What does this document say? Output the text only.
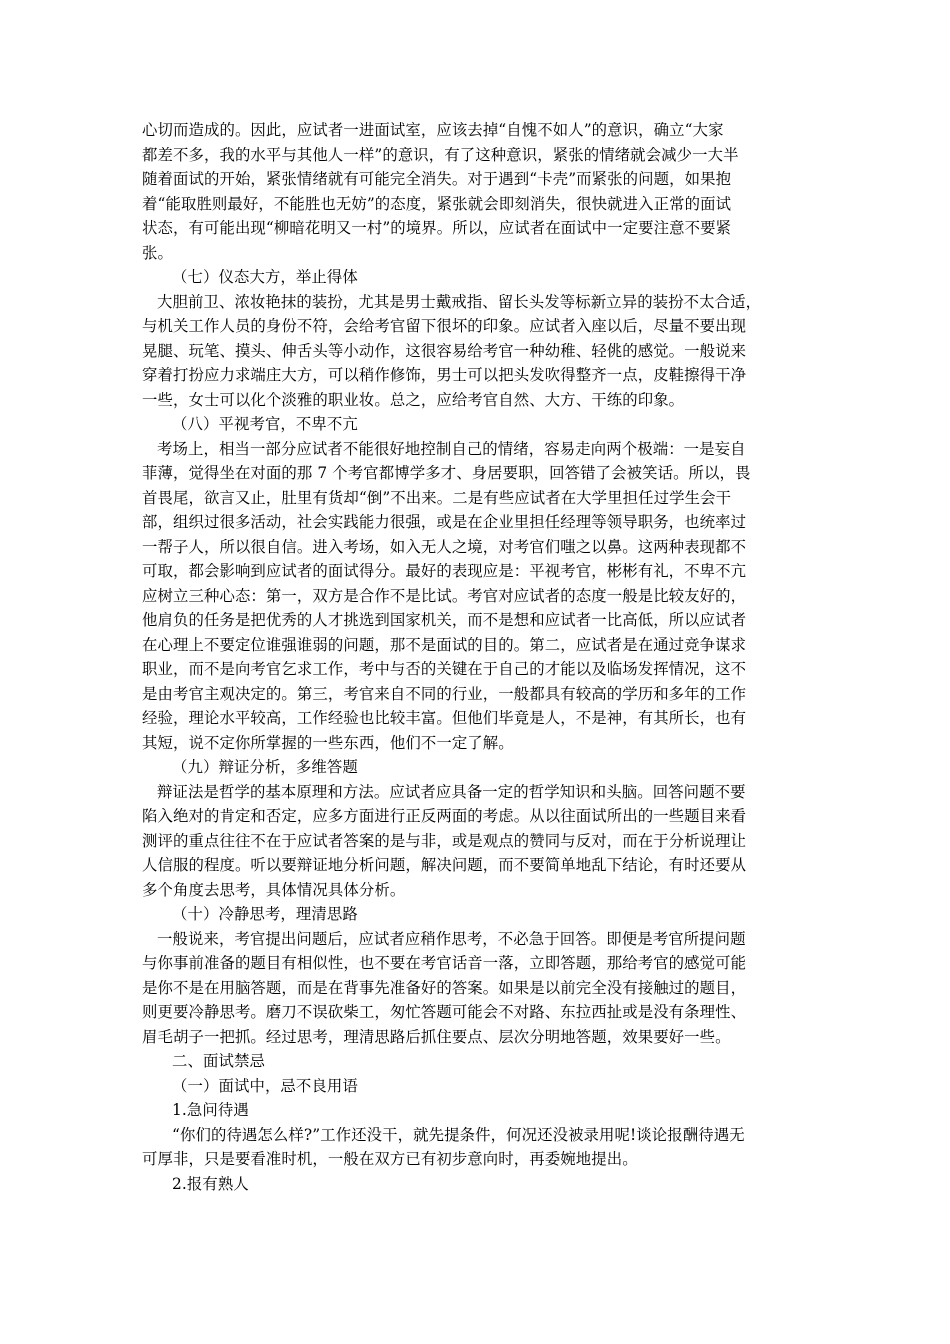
心切而造成的。因此，应试者一进面试室，应该去掉“自愧不如人”的意识，确立“大家

都差不多，我的水平与其他人一样”的意识，有了这种意识，紧张的情绪就会减少一大半

随着面试的开始，紧张情绪就有可能完全消失。对于遇到“卡壳”而紧张的问题，如果抱

着“能取胜则最好，不能胜也无妨”的态度，紧张就会即刻消失，很快就进入正常的面试

状态，有可能出现“柳暗花明又一村”的境界。所以，应试者在面试中一定要注意不要紧

张。

（七）仪态大方，举止得体

大胆前卫、浓妆艳抹的装扮，尤其是男士戴戒指、留长头发等标新立异的装扮不太合适，

与机关工作人员的身份不符，会给考官留下很坏的印象。应试者入座以后，尽量不要出现

晃腿、玩笔、摸头、伸舌头等小动作，这很容易给考官一种幼稚、轻佻的感觉。一般说来

穿着打扮应力求端庄大方，可以稍作修饰，男士可以把头发吹得整齐一点，皮鞋擦得干净

一些，女士可以化个淡雅的职业妆。总之，应给考官自然、大方、干练的印象。

（八）平视考官，不卑不亢

考场上，相当一部分应试者不能很好地控制自己的情绪，容易走向两个极端：一是妄自

菲薄，觉得坐在对面的那 7 个考官都博学多才、身居要职，回答错了会被笑话。所以，畏

首畏尾，欲言又止，肚里有货却“倒”不出来。二是有些应试者在大学里担任过学生会干

部，组织过很多活动，社会实践能力很强，或是在企业里担任经理等领导职务，也统率过

一帮子人，所以很自信。进入考场，如入无人之境，对考官们嗤之以鼻。这两种表现都不

可取，都会影响到应试者的面试得分。最好的表现应是：平视考官，彬彬有礼，不卑不亢

应树立三种心态：第一，双方是合作不是比试。考官对应试者的态度一般是比较友好的，

他肩负的任务是把优秀的人才挑选到国家机关，而不是想和应试者一比高低，所以应试者

在心理上不要定位谁强谁弱的问题，那不是面试的目的。第二，应试者是在通过竞争谋求

职业，而不是向考官乞求工作，考中与否的关键在于自己的才能以及临场发挥情况，这不

是由考官主观决定的。第三，考官来自不同的行业，一般都具有较高的学历和多年的工作

经验，理论水平较高，工作经验也比较丰富。但他们毕竟是人，不是神，有其所长，也有

其短，说不定你所掌握的一些东西，他们不一定了解。

（九）辩证分析，多维答题

辩证法是哲学的基本原理和方法。应试者应具备一定的哲学知识和头脑。回答问题不要

陷入绝对的肯定和否定，应多方面进行正反两面的考虑。从以往面试所出的一些题目来看

测评的重点往往不在于应试者答案的是与非，或是观点的赞同与反对，而在于分析说理让

人信服的程度。听以要辩证地分析问题，解决问题，而不要简单地乱下结论，有时还要从

多个角度去思考，具体情况具体分析。

（十）冷静思考，理清思路

一般说来，考官提出问题后，应试者应稍作思考，不必急于回答。即便是考官所提问题

与你事前准备的题目有相似性，也不要在考官话音一落，立即答题，那给考官的感觉可能

是你不是在用脑答题，而是在背事先准备好的答案。如果是以前完全没有接触过的题目，

则更要冷静思考。磨刀不误砍柴工，匆忙答题可能会不对路、东拉西扯或是没有条理性、

眉毛胡子一把抓。经过思考，理清思路后抓住要点、层次分明地答题，效果要好一些。

二、面试禁忌

（一）面试中，忌不良用语

1.急问待遇

“你们的待遇怎么样?”工作还没干，就先提条件，何况还没被录用呢!谈论报酬待遇无

可厚非，只是要看准时机，一般在双方已有初步意向时，再委婉地提出。

2.报有熟人
